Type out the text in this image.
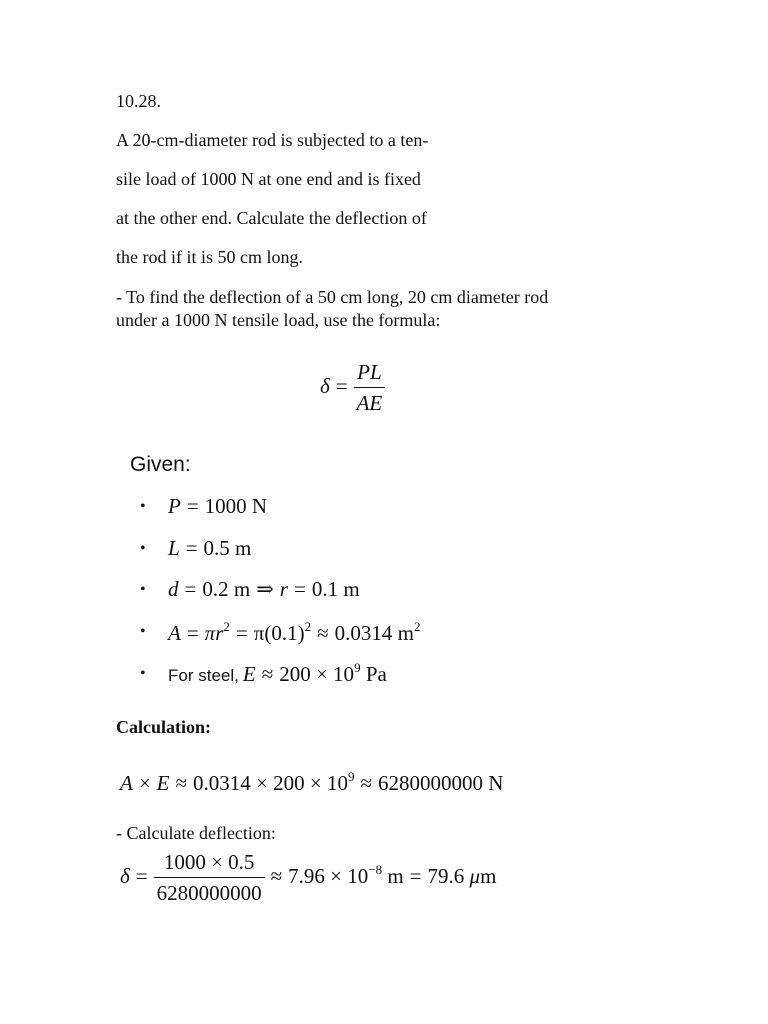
10.28.
A 20-cm-diameter rod is subjected to a ten-
sile load of 1000 N at one end and is fixed
at the other end. Calculate the deflection of
the rod if it is 50 cm long.
- To find the deflection of a 50 cm long, 20 cm diameter rod
under a 1000 N tensile load, use the formula:
$\delta = \frac{PL}{AE}$
Given:
• P = 1000 N
• L = 0.5 m
• d = 0.2 m ⇒ r = 0.1 m
• $A = \pi r^2 = \pi(0.1)^2 \approx 0.0314$ $m^2$
• For steel, $E \approx 200 \times 10^9$ Pa
Calculation:
$A \times E \approx 0.0314 \times 200 \times 10^9 \approx 6280000000$ N
- Calculate deflection:
$\delta = \frac{1000 \times 0.5}{6280000000} \approx 7.96 \times 10^{-8}$ m = 79.6 μm
